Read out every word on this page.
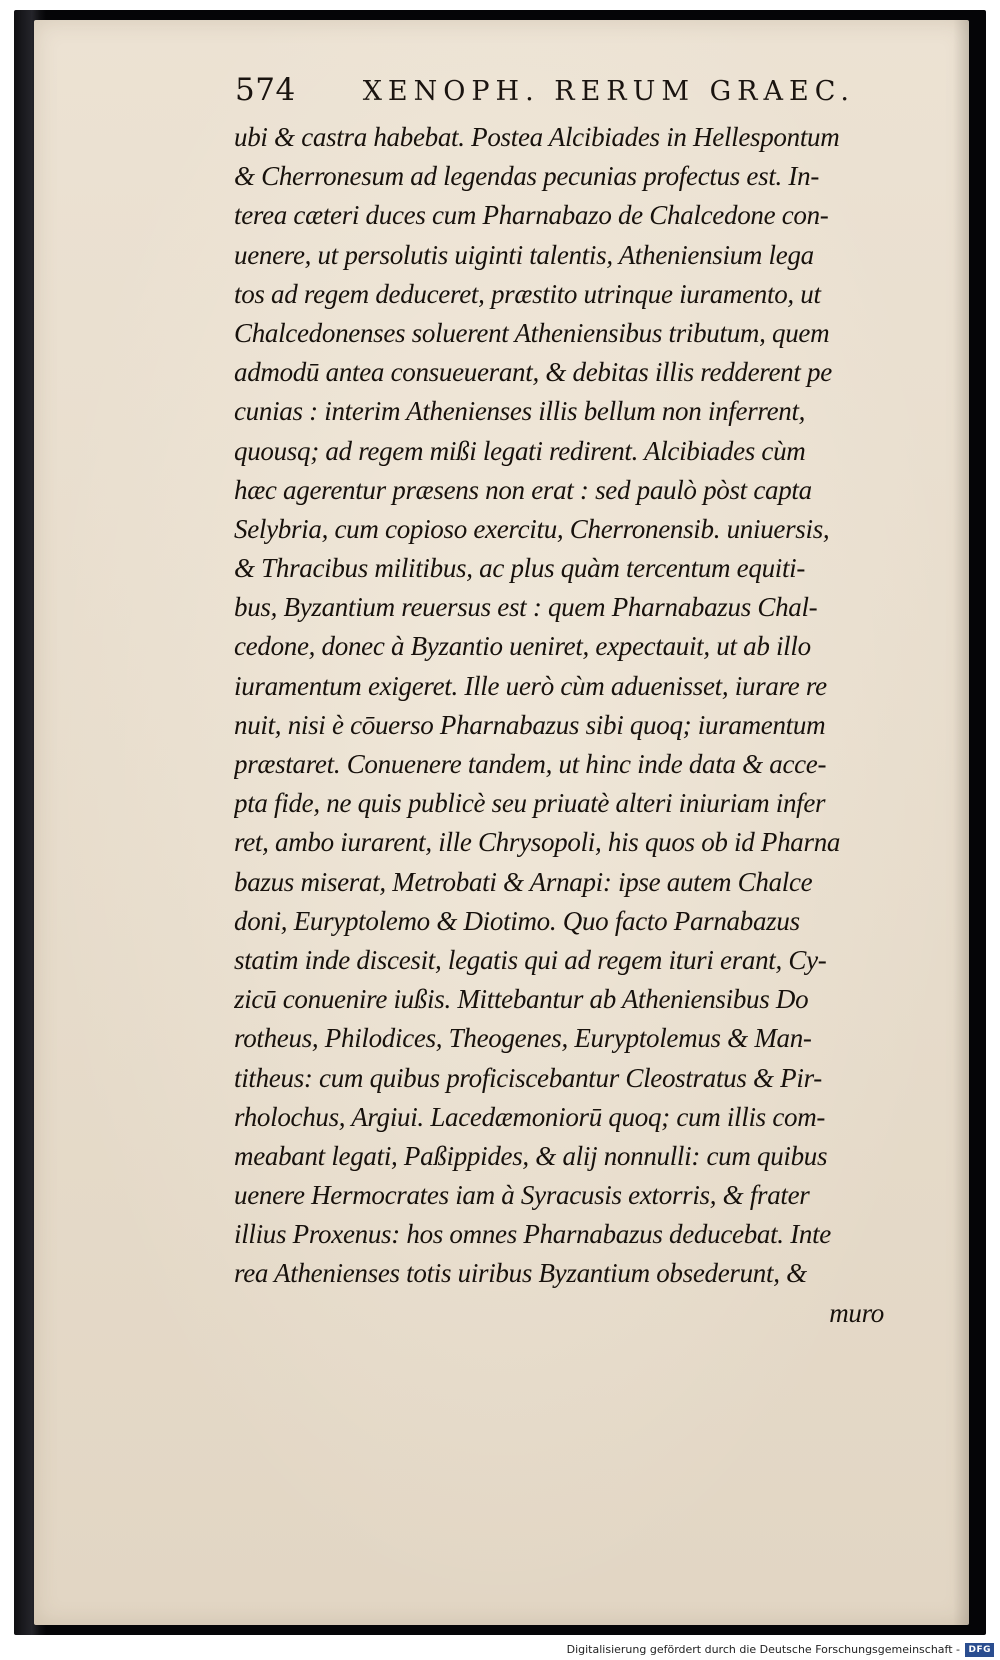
574 XENOPH. RERUM GRAEC.
ubi & castra habebat. Postea Alcibiades in Hellespontum
& Cherronesum ad legendas pecunias profectus est. In-
terea cæteri duces cum Pharnabazo de Chalcedone con-
uenere, ut persolutis uiginti talentis, Atheniensium lega
tos ad regem deduceret, præstito utrinque iuramento, ut
Chalcedonenses soluerent Atheniensibus tributum, quem
admodū antea consueuerant, & debitas illis redderent pe
cunias : interim Athenienses illis bellum non inferrent,
quousq; ad regem mißi legati redirent. Alcibiades cùm
hæc agerentur præsens non erat : sed paulò pòst capta
Selybria, cum copioso exercitu, Cherronensib. uniuersis,
& Thracibus militibus, ac plus quàm tercentum equiti-
bus, Byzantium reuersus est : quem Pharnabazus Chal-
cedone, donec à Byzantio ueniret, expectauit, ut ab illo
iuramentum exigeret. Ille uerò cùm aduenisset, iurare re
nuit, nisi è cōuerso Pharnabazus sibi quoq; iuramentum
præstaret. Conuenere tandem, ut hinc inde data & acce-
pta fide, ne quis publicè seu priuatè alteri iniuriam infer
ret, ambo iurarent, ille Chrysopoli, his quos ob id Pharna
bazus miserat, Metrobati & Arnapi: ipse autem Chalce
doni, Euryptolemo & Diotimo. Quo facto Parnabazus
statim inde discesit, legatis qui ad regem ituri erant, Cy-
zicū conuenire iußis. Mittebantur ab Atheniensibus Do
rotheus, Philodices, Theogenes, Euryptolemus & Man-
titheus: cum quibus proficiscebantur Cleostratus & Pir-
rholochus, Argiui. Lacedæmoniorū quoq; cum illis com-
meabant legati, Paßippides, & alij nonnulli: cum quibus
uenere Hermocrates iam à Syracusis extorris, & frater
illius Proxenus: hos omnes Pharnabazus deducebat. Inte
rea Athenienses totis uiribus Byzantium obsederunt, &
muro
Digitalisierung gefördert durch die Deutsche Forschungsgemeinschaft - DFG
